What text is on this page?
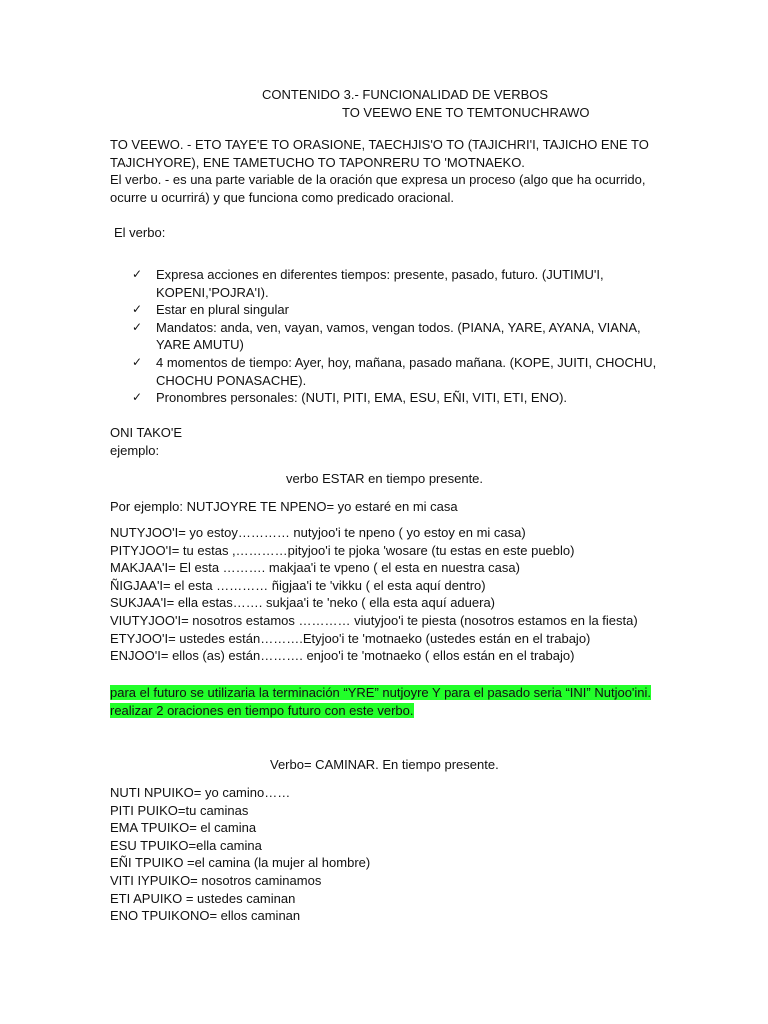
CONTENIDO 3.- FUNCIONALIDAD DE VERBOS
TO VEEWO ENE TO TEMTONUCHRAWO
TO VEEWO. - ETO TAYE'E TO ORASIONE, TAECHJIS'O TO (TAJICHRI'I, TAJICHO ENE TO
TAJICHYORE), ENE TAMETUCHO TO TAPONRERU TO 'MOTNAEKO.
El verbo. - es una parte variable de la oración que expresa un proceso (algo que ha ocurrido,
ocurre u ocurrirá) y que funciona como predicado oracional.
El verbo:
✓ Expresa acciones en diferentes tiempos: presente, pasado, futuro. (JUTIMU'I,
KOPENI,'POJRA'I).
✓ Estar en plural singular
✓ Mandatos: anda, ven, vayan, vamos, vengan todos. (PIANA, YARE, AYANA, VIANA,
YARE AMUTU)
✓ 4 momentos de tiempo: Ayer, hoy, mañana, pasado mañana. (KOPE, JUITI, CHOCHU,
CHOCHU PONASACHE).
✓ Pronombres personales: (NUTI, PITI, EMA, ESU, EÑI, VITI, ETI, ENO).
ONI TAKO'E
ejemplo:
verbo ESTAR en tiempo presente.
Por ejemplo: NUTJOYRE TE NPENO= yo estaré en mi casa
NUTYJOO'I= yo estoy………… nutyjoo'i te npeno ( yo estoy en mi casa)
PITYJOO'I= tu estas ,…………pityjoo'i te pjoka 'wosare (tu estas en este pueblo)
MAKJAA'I= El esta ………. makjaa'i te vpeno ( el esta en nuestra casa)
ÑIGJAA'I= el esta ………… ñigjaa'i te 'vikku ( el esta aquí dentro)
SUKJAA'I= ella estas……. sukjaa'i te 'neko ( ella esta aquí aduera)
VIUTYJOO'I= nosotros estamos ………… viutyjoo'i te piesta (nosotros estamos en la fiesta)
ETYJOO'I= ustedes están……….Etyjoo'i te 'motnaeko (ustedes están en el trabajo)
ENJOO'I= ellos (as) están………. enjoo'i te 'motnaeko ( ellos están en el trabajo)
para el futuro se utilizaria la terminación “YRE” nutjoyre Y para el pasado seria “INI” Nutjoo'ini.
realizar 2 oraciones en tiempo futuro con este verbo.
Verbo= CAMINAR. En tiempo presente.
NUTI NPUIKO= yo camino……
PITI PUIKO=tu caminas
EMA TPUIKO= el camina
ESU TPUIKO=ella camina
EÑI TPUIKO =el camina (la mujer al hombre)
VITI IYPUIKO= nosotros caminamos
ETI APUIKO = ustedes caminan
ENO TPUIKONO= ellos caminan
